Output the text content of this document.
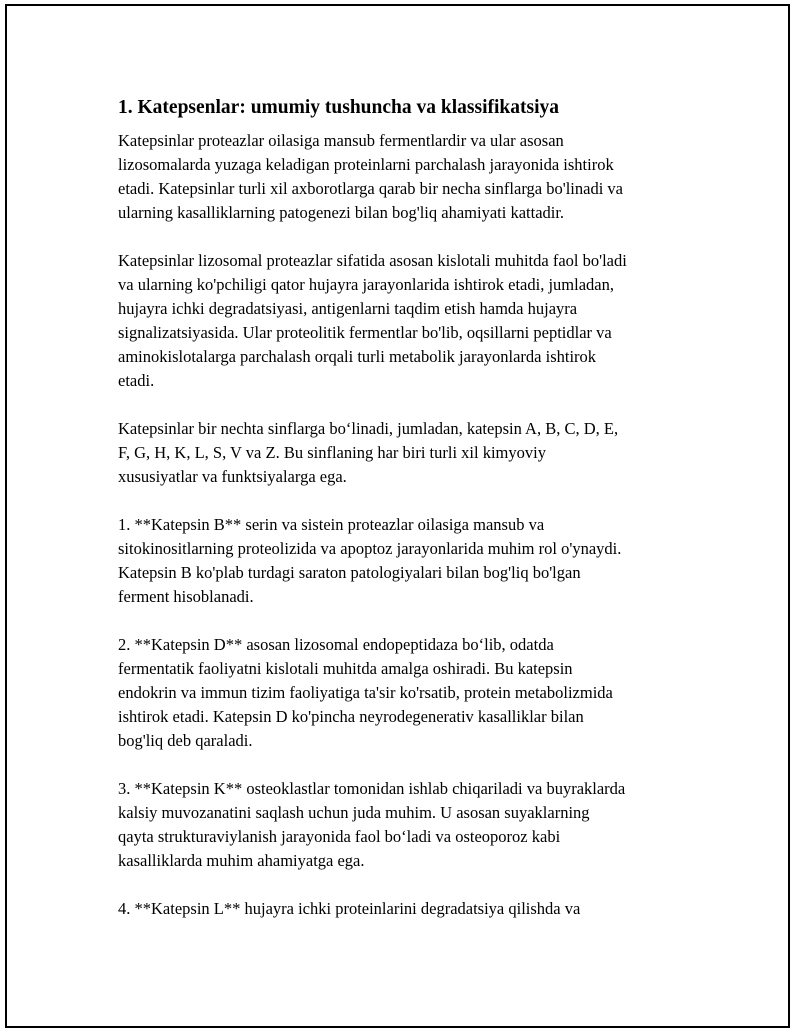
1. Katepsenlar: umumiy tushuncha va klassifikatsiya

Katepsinlar proteazlar oilasiga mansub fermentlardir va ular asosan
lizosomalarda yuzaga keladigan proteinlarni parchalash jarayonida ishtirok
etadi. Katepsinlar turli xil axborotlarga qarab bir necha sinflarga bo'linadi va
ularning kasalliklarning patogenezi bilan bog'liq ahamiyati kattadir.

Katepsinlar lizosomal proteazlar sifatida asosan kislotali muhitda faol bo'ladi
va ularning ko'pchiligi qator hujayra jarayonlarida ishtirok etadi, jumladan,
hujayra ichki degradatsiyasi, antigenlarni taqdim etish hamda hujayra
signalizatsiyasida. Ular proteolitik fermentlar bo'lib, oqsillarni peptidlar va
aminokislotalarga parchalash orqali turli metabolik jarayonlarda ishtirok
etadi.

Katepsinlar bir nechta sinflarga bo‘linadi, jumladan, katepsin A, B, C, D, E,
F, G, H, K, L, S, V va Z. Bu sinflaning har biri turli xil kimyoviy
xususiyatlar va funktsiyalarga ega.

1. **Katepsin B** serin va sistein proteazlar oilasiga mansub va
sitokinositlarning proteolizida va apoptoz jarayonlarida muhim rol o'ynaydi.
Katepsin B ko'plab turdagi saraton patologiyalari bilan bog'liq bo'lgan
ferment hisoblanadi.

2. **Katepsin D** asosan lizosomal endopeptidaza bo‘lib, odatda
fermentatik faoliyatni kislotali muhitda amalga oshiradi. Bu katepsin
endokrin va immun tizim faoliyatiga ta'sir ko'rsatib, protein metabolizmida
ishtirok etadi. Katepsin D ko'pincha neyrodegenerativ kasalliklar bilan
bog'liq deb qaraladi.

3. **Katepsin K** osteoklastlar tomonidan ishlab chiqariladi va buyraklarda
kalsiy muvozanatini saqlash uchun juda muhim. U asosan suyaklarning
qayta strukturaviylanish jarayonida faol bo‘ladi va osteoporoz kabi
kasalliklarda muhim ahamiyatga ega.

4. **Katepsin L** hujayra ichki proteinlarini degradatsiya qilishda va
